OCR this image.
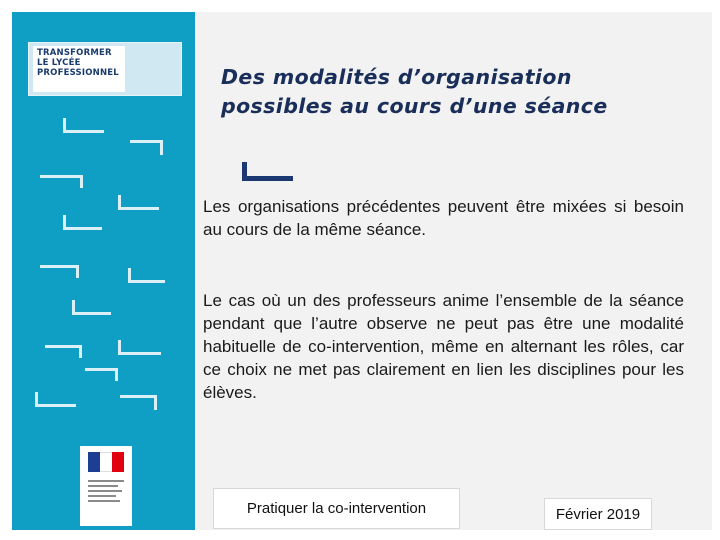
TRANSFORMER
LE LYCÉE
PROFESSIONNEL	Des modalités d’organisation
possibles au cours d’une séance
Les organisations précédentes peuvent être mixées si besoin au cours de la même séance.
Le cas où un des professeurs anime l’ensemble de la séance pendant que l’autre observe ne peut pas être une modalité habituelle de co-intervention, même en alternant les rôles, car ce choix ne met pas clairement en lien les disciplines pour les élèves.
Pratiquer la co-intervention	Février 2019
